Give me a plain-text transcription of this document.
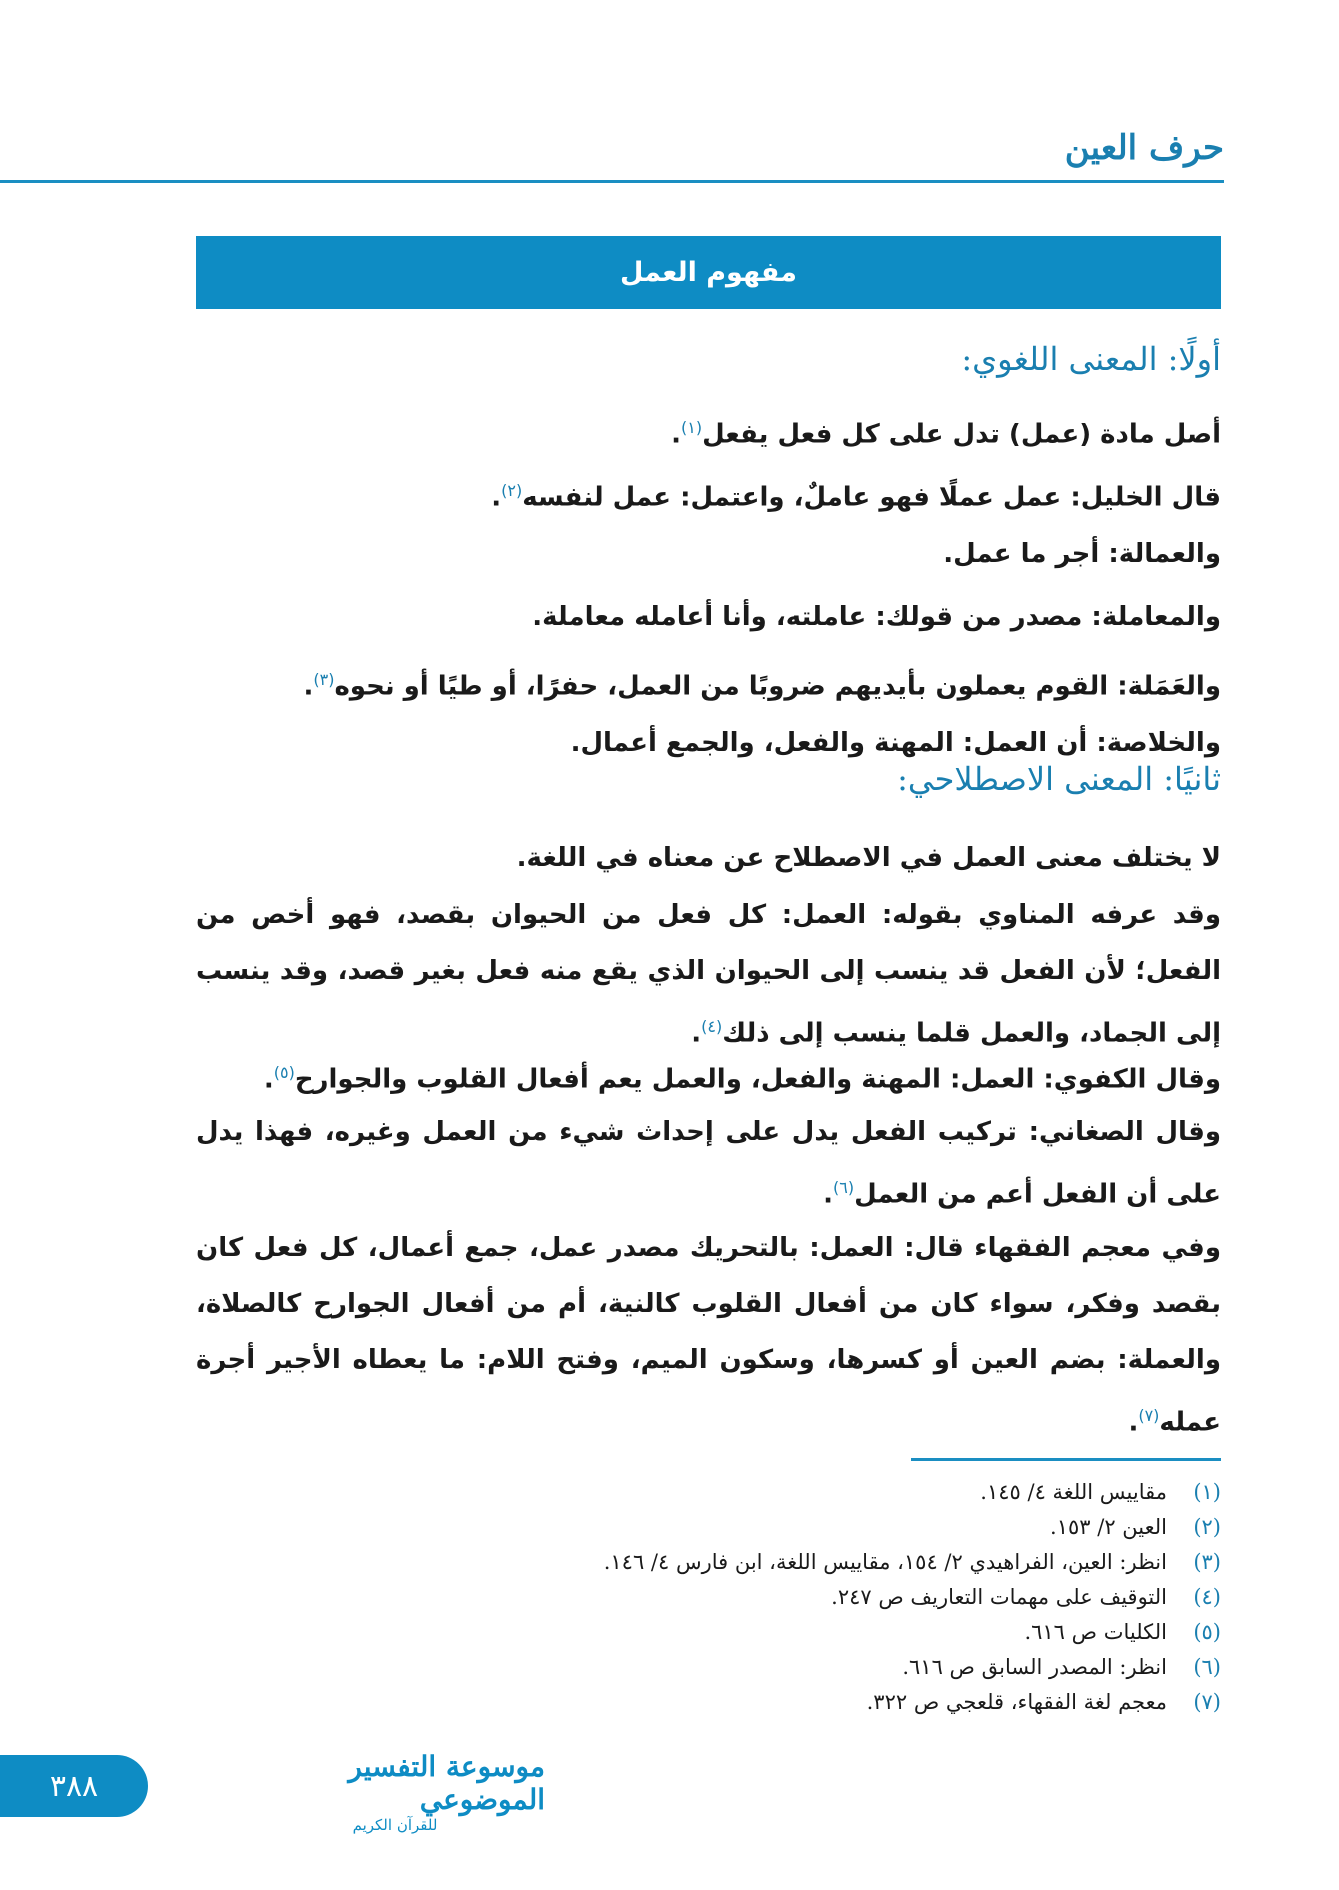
حرف العين
مفهوم العمل
أولًا: المعنى اللغوي:
أصل مادة (عمل) تدل على كل فعل يفعل$^{(١)}$.
قال الخليل: عمل عملًا فهو عاملٌ، واعتمل: عمل لنفسه$^{(٢)}$.
والعمالة: أجر ما عمل.
والمعاملة: مصدر من قولك: عاملته، وأنا أعامله معاملة.
والعَمَلة: القوم يعملون بأيديهم ضروبًا من العمل، حفرًا، أو طيًا أو نحوه$^{(٣)}$.
والخلاصة: أن العمل: المهنة والفعل، والجمع أعمال.
ثانيًا: المعنى الاصطلاحي:
لا يختلف معنى العمل في الاصطلاح عن معناه في اللغة.
وقد عرفه المناوي بقوله: العمل: كل فعل من الحيوان بقصد، فهو أخص من الفعل؛ لأن الفعل قد ينسب إلى الحيوان الذي يقع منه فعل بغير قصد، وقد ينسب إلى الجماد، والعمل قلما ينسب إلى ذلك$^{(٤)}$.
وقال الكفوي: العمل: المهنة والفعل، والعمل يعم أفعال القلوب والجوارح$^{(٥)}$.
وقال الصغاني: تركيب الفعل يدل على إحداث شيء من العمل وغيره، فهذا يدل على أن الفعل أعم من العمل$^{(٦)}$.
وفي معجم الفقهاء قال: العمل: بالتحريك مصدر عمل، جمع أعمال، كل فعل كان بقصد وفكر، سواء كان من أفعال القلوب كالنية، أم من أفعال الجوارح كالصلاة، والعملة: بضم العين أو كسرها، وسكون الميم، وفتح اللام: ما يعطاه الأجير أجرة عمله$^{(٧)}$.
(١)
مقاييس اللغة ٤/ ١٤٥.
(٢)
العين ٢/ ١٥٣.
(٣)
انظر: العين، الفراهيدي ٢/ ١٥٤، مقاييس اللغة، ابن فارس ٤/ ١٤٦.
(٤)
التوقيف على مهمات التعاريف ص ٢٤٧.
(٥)
الكليات ص ٦١٦.
(٦)
انظر: المصدر السابق ص ٦١٦.
(٧)
معجم لغة الفقهاء، قلعجي ص ٣٢٢.
موسوعة التفسير الموضوعي
للقرآن الكريم
٣٨٨
